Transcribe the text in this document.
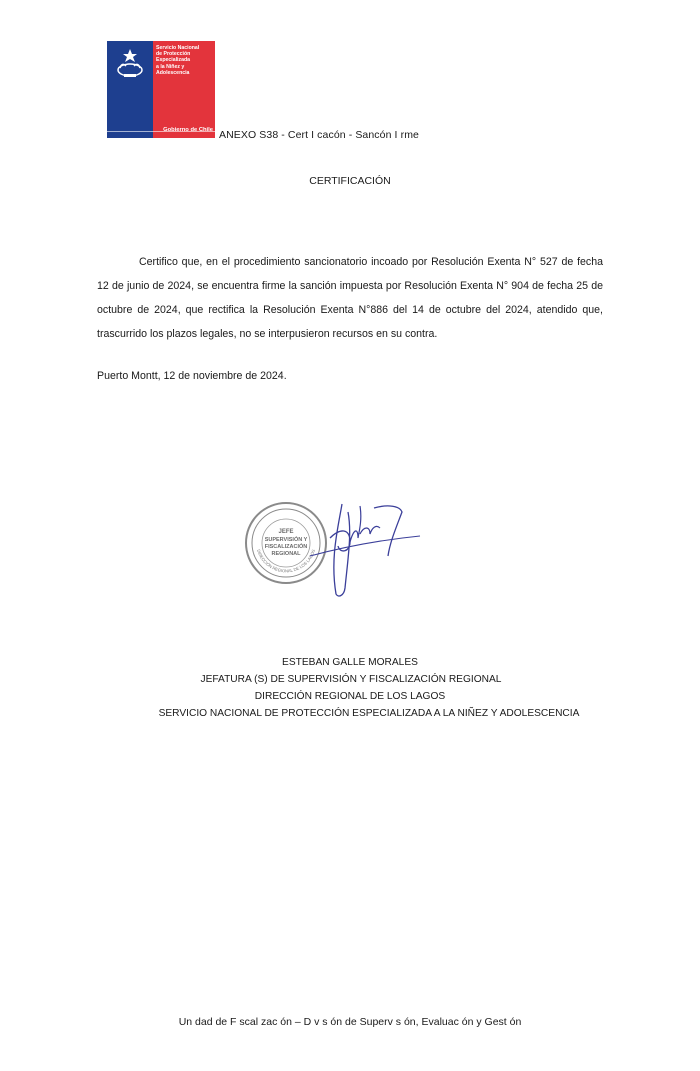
Servicio Nacional
de Protección
Especializada
a la Niñez y
Adolescencia
Gobierno de Chile ANEXO S38 - Cert I cacón - Sancón I rme
CERTIFICACIÓN
Certifico que, en el procedimiento sancionatorio incoado por Resolución Exenta N° 527 de fecha 12 de junio de 2024, se encuentra firme la sanción impuesta por Resolución Exenta N° 904 de fecha 25 de octubre de 2024, que rectifica la Resolución Exenta N°886 del 14 de octubre del 2024, atendido que, trascurrido los plazos legales, no se interpusieron recursos en su contra.
Puerto Montt, 12 de noviembre de 2024.
JEFE
SUPERVISIÓN Y
FISCALIZACIÓN
REGIONAL
DIRECCIÓN REGIONAL DE LOS LAGOS
ESTEBAN GALLE MORALES
JEFATURA (S) DE SUPERVISIÓN Y FISCALIZACIÓN REGIONAL
DIRECCIÓN REGIONAL DE LOS LAGOS
SERVICIO NACIONAL DE PROTECCIÓN ESPECIALIZADA A LA NIÑEZ Y ADOLESCENCIA
Un dad de F scal zac ón – D v s ón de Superv s ón, Evaluac ón y Gest ón
